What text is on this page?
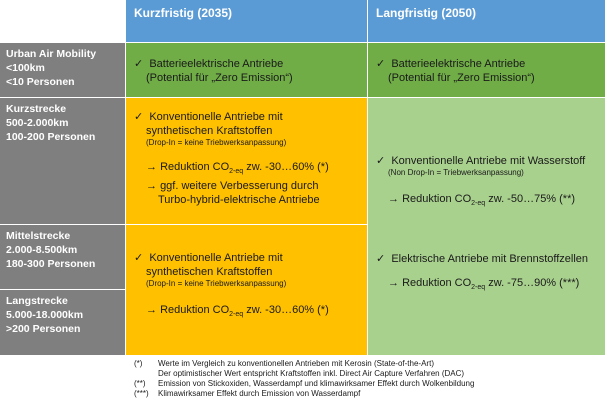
Kurzfristig (2035)	Langfristig (2050)
Urban Air Mobility
<100km
<10 Personen
Kurzstrecke
500-2.000km
100-200 Personen
Mittelstrecke
2.000-8.500km
180-300 Personen
Langstrecke
5.000-18.000km
>200 Personen
✓ Batterieelektrische Antriebe
(Potential für „Zero Emission“)
✓ Batterieelektrische Antriebe
(Potential für „Zero Emission“)
✓ Konventionelle Antriebe mit
synthetischen Kraftstoffen
(Drop-In = keine Triebwerksanpassung)
→ Reduktion $CO_{2-eq}$ zw. -30…60% (*)
→ ggf. weitere Verbesserung durch
Turbo-hybrid-elektrische Antriebe
✓ Konventionelle Antriebe mit
synthetischen Kraftstoffen
(Drop-In = keine Triebwerksanpassung)
→ Reduktion $CO_{2-eq}$ zw. -30…60% (*)
✓ Konventionelle Antriebe mit Wasserstoff
(Non Drop-In = Triebwerksanpassung)
→ Reduktion $CO_{2-eq}$ zw. -50…75% (**)
✓ Elektrische Antriebe mit Brennstoffzellen
→ Reduktion $CO_{2-eq}$ zw. -75…90% (***)
(*) Werte im Vergleich zu konventionellen Antrieben mit Kerosin (State-of-the-Art)
Der optimistischer Wert entspricht Kraftstoffen inkl. Direct Air Capture Verfahren (DAC)
(**) Emission von Stickoxiden, Wasserdampf und klimawirksamer Effekt durch Wolkenbildung
(***) Klimawirksamer Effekt durch Emission von Wasserdampf
